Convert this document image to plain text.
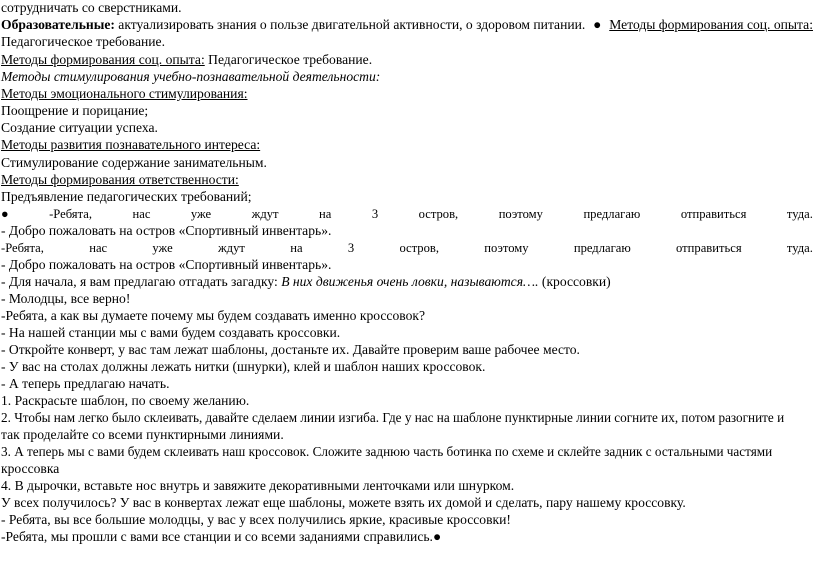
сотрудничать со сверстниками.
Образовательные: актуализировать знания о пользе двигательной активности, о здоровом питании. ● Методы формирования соц. опыта:
Педагогическое требование.
Методы формирования соц. опыта: Педагогическое требование.
Методы стимулирования учебно-познавательной деятельности:
Методы эмоционального стимулирования:
Поощрение и порицание;
Создание ситуации успеха.
Методы развития познавательного интереса:
Стимулирование содержание занимательным.
Методы формирования ответственности:
Предъявление педагогических требований;
●	-Ребята,	нас	уже	ждут	на	3	остров,	поэтому	предлагаю	отправиться	туда.
- Добро пожаловать на остров «Спортивный инвентарь».
-Ребята,	нас	уже	ждут	на	3	остров,	поэтому	предлагаю	отправиться	туда.
- Добро пожаловать на остров «Спортивный инвентарь».
- Для начала, я вам предлагаю отгадать загадку: В них движенья очень ловки, называются…. (кроссовки)
- Молодцы, все верно!
-Ребята, а как вы думаете почему мы будем создавать именно кроссовок?
- На нашей станции мы с вами будем создавать кроссовки.
- Откройте конверт, у вас там лежат шаблоны, достаньте их. Давайте проверим ваше рабочее место.
- У вас на столах должны лежать нитки (шнурки), клей и шаблон наших кроссовок.
- А теперь предлагаю начать.
1. Раскрасьте шаблон, по своему желанию.
2. Чтобы нам легко было склеивать, давайте сделаем линии изгиба. Где у нас на шаблоне пунктирные линии согните их, потом разогните и
так проделайте со всеми пунктирными линиями.
3. А теперь мы с вами будем склеивать наш кроссовок. Сложите заднюю часть ботинка по схеме и склейте задник с остальными частями
кроссовка
4. В дырочки, вставьте нос внутрь и завяжите декоративными ленточками или шнурком.
У всех получилось? У вас в конвертах лежат еще шаблоны, можете взять их домой и сделать, пару нашему кроссовку.
- Ребята, вы все большие молодцы, у вас у всех получились яркие, красивые кроссовки!
-Ребята, мы прошли с вами все станции и со всеми заданиями справились.●
